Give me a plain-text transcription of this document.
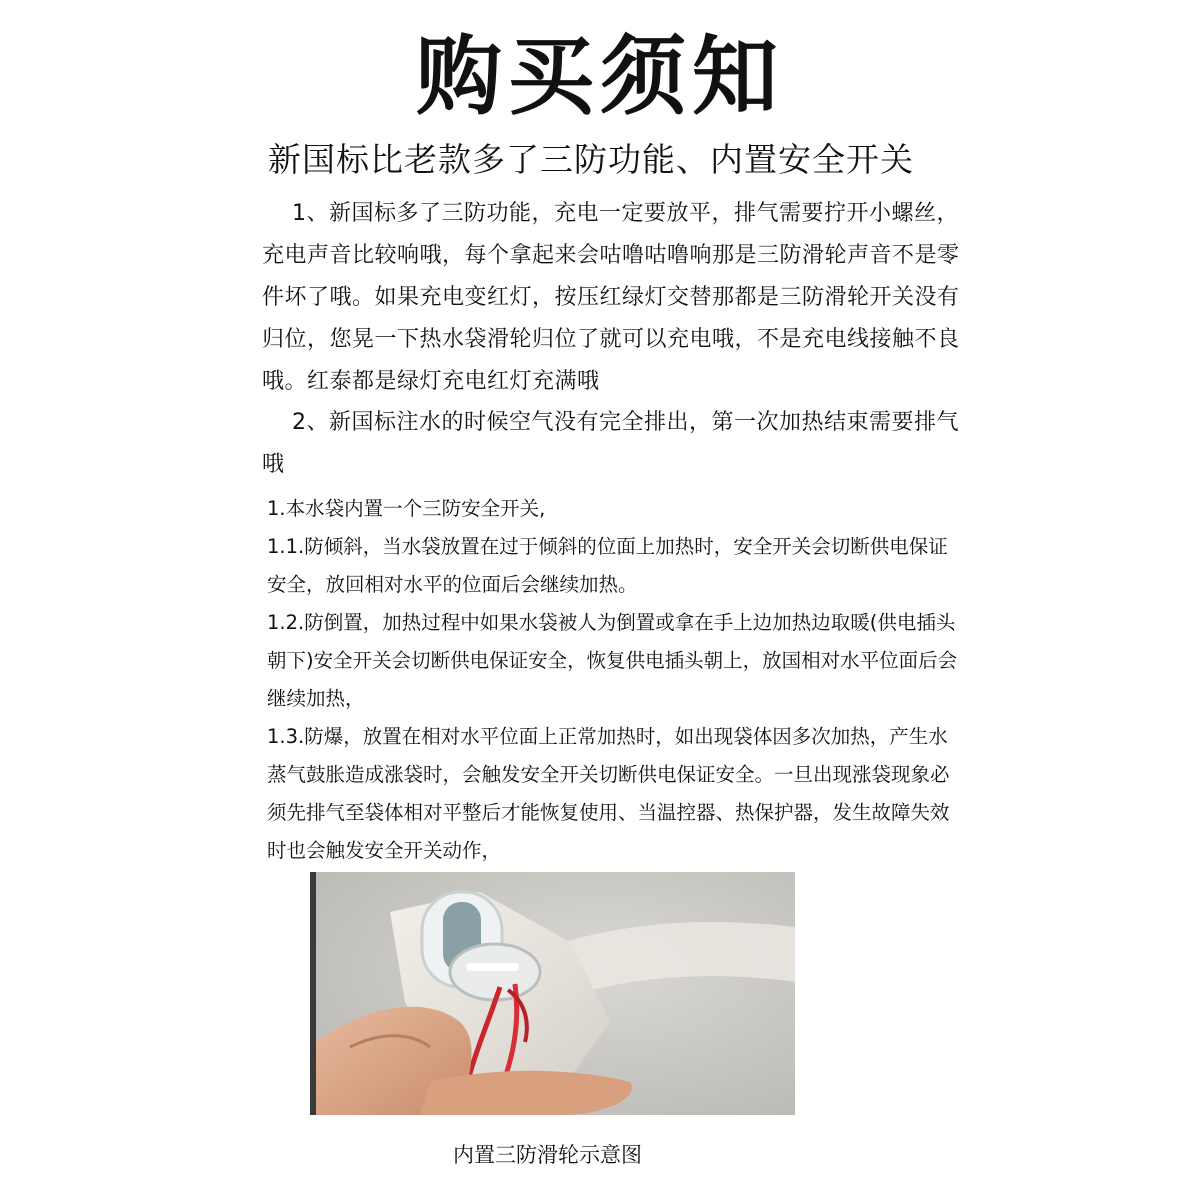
购买须知
新国标比老款多了三防功能、内置安全开关
1、新国标多了三防功能，充电一定要放平，排气需要拧开小螺丝，充电声音比较响哦，每个拿起来会咕噜咕噜响那是三防滑轮声音不是零件坏了哦。如果充电变红灯，按压红绿灯交替那都是三防滑轮开关没有归位，您晃一下热水袋滑轮归位了就可以充电哦，不是充电线接触不良哦。红泰都是绿灯充电红灯充满哦
2、新国标注水的时候空气没有完全排出，第一次加热结束需要排气哦

1.本水袋内置一个三防安全开关,

1.1.防倾斜，当水袋放置在过于倾斜的位面上加热时，安全开关会切断供电保证安全，放回相对水平的位面后会继续加热。

1.2.防倒置，加热过程中如果水袋被人为倒置或拿在手上边加热边取暖(供电插头朝下)安全开关会切断供电保证安全，恢复供电插头朝上，放国相对水平位面后会继续加热，

1.3.防爆，放置在相对水平位面上正常加热时，如出现袋体因多次加热，产生水蒸气鼓胀造成涨袋时，会触发安全开关切断供电保证安全。一旦出现涨袋现象必须先排气至袋体相对平整后才能恢复使用、当温控器、热保护器，发生故障失效时也会触发安全开关动作，

内置三防滑轮示意图
